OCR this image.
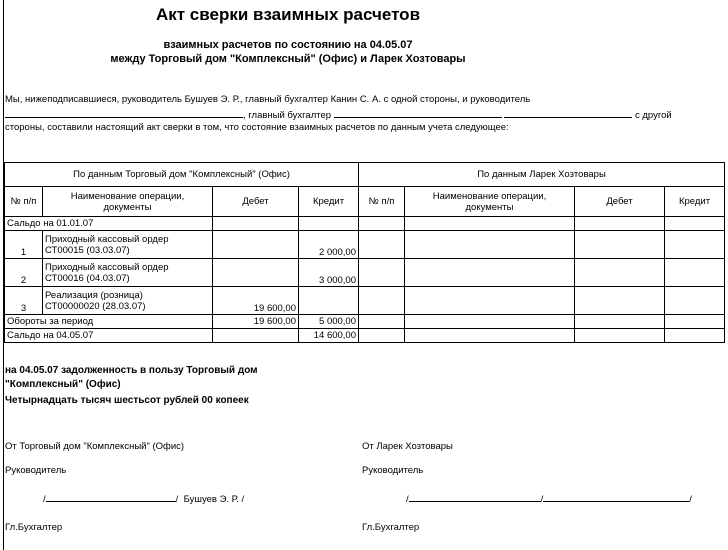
Акт сверки взаимных расчетов
взаимных расчетов по состоянию на 04.05.07
между Торговый дом "Комплексный" (Офис) и Ларек Хозтовары
Мы, нижеподписавшиеся, руководитель Бушуев Э. Р., главный бухгалтер Канин С. А. с одной стороны, и руководитель
, главный бухгалтер	с другой
стороны, составили настоящий акт сверки в том, что состояние взаимных расчетов по данным учета следующее:
По данным Торговый дом "Комплексный" (Офис)				По данным Ларек Хозтовары			
№ п/п	Наименование операции,
документы	Дебет	Кредит	№ п/п	Наименование операции,
документы	Дебет	Кредит
Сальдо на 01.01.07							
1	Приходный кассовый ордер
СТ00015 (03.03.07)		2 000,00				
2	Приходный кассовый ордер
СТ00016 (04.03.07)		3 000,00				
3	Реализация (розница)
СТ00000020 (28.03.07)	19 600,00					
Обороты за период		19 600,00	5 000,00				
Сальдо на 04.05.07			14 600,00				
на 04.05.07 задолженность в пользу Торговый дом
"Комплексный" (Офис)
Четырнадцать тысяч шестьсот рублей 00 копеек
От Торговый дом "Комплексный" (Офис)	От Ларек Хозтовары
Руководитель	Руководитель
/	/ Бушуев Э. Р. /	/	/	/
Гл.Бухгалтер	Гл.Бухгалтер
